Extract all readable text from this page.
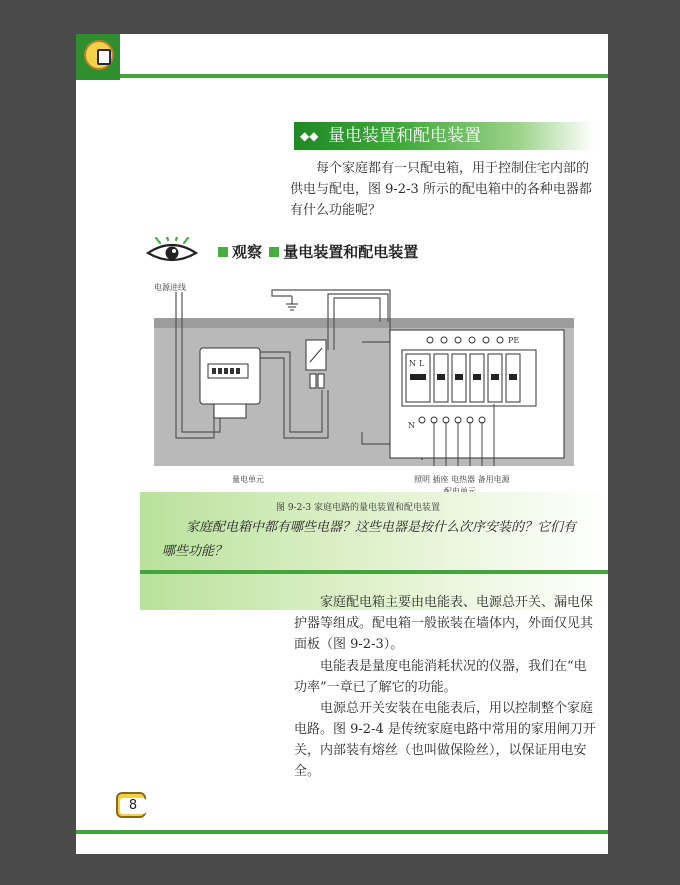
◆◆ 量电装置和配电装置
每个家庭都有一只配电箱，用于控制住宅内部的供电与配电，图 9-2-3 所示的配电箱中的各种电器都有什么功能呢？
观察 量电装置和配电装置
电源进线
PE
N L
N
量电单元	照明 插座 电热器 备用电源
图 9-2-3 家庭电路的量电装置和配电装置
家庭配电箱中都有哪些电器？这些电器是按什么次序安装的？它们有哪些功能？
家庭配电箱主要由电能表、电源总开关、漏电保护器等组成。配电箱一般嵌装在墙体内，外面仅见其面板（图 9-2-3）。
电能表是量度电能消耗状况的仪器，我们在“电功率”一章已了解它的功能。
电源总开关安装在电能表后，用以控制整个家庭电路。图 9-2-4 是传统家庭电路中常用的家用闸刀开关，内部装有熔丝（也叫做保险丝），以保证用电安全。
8
